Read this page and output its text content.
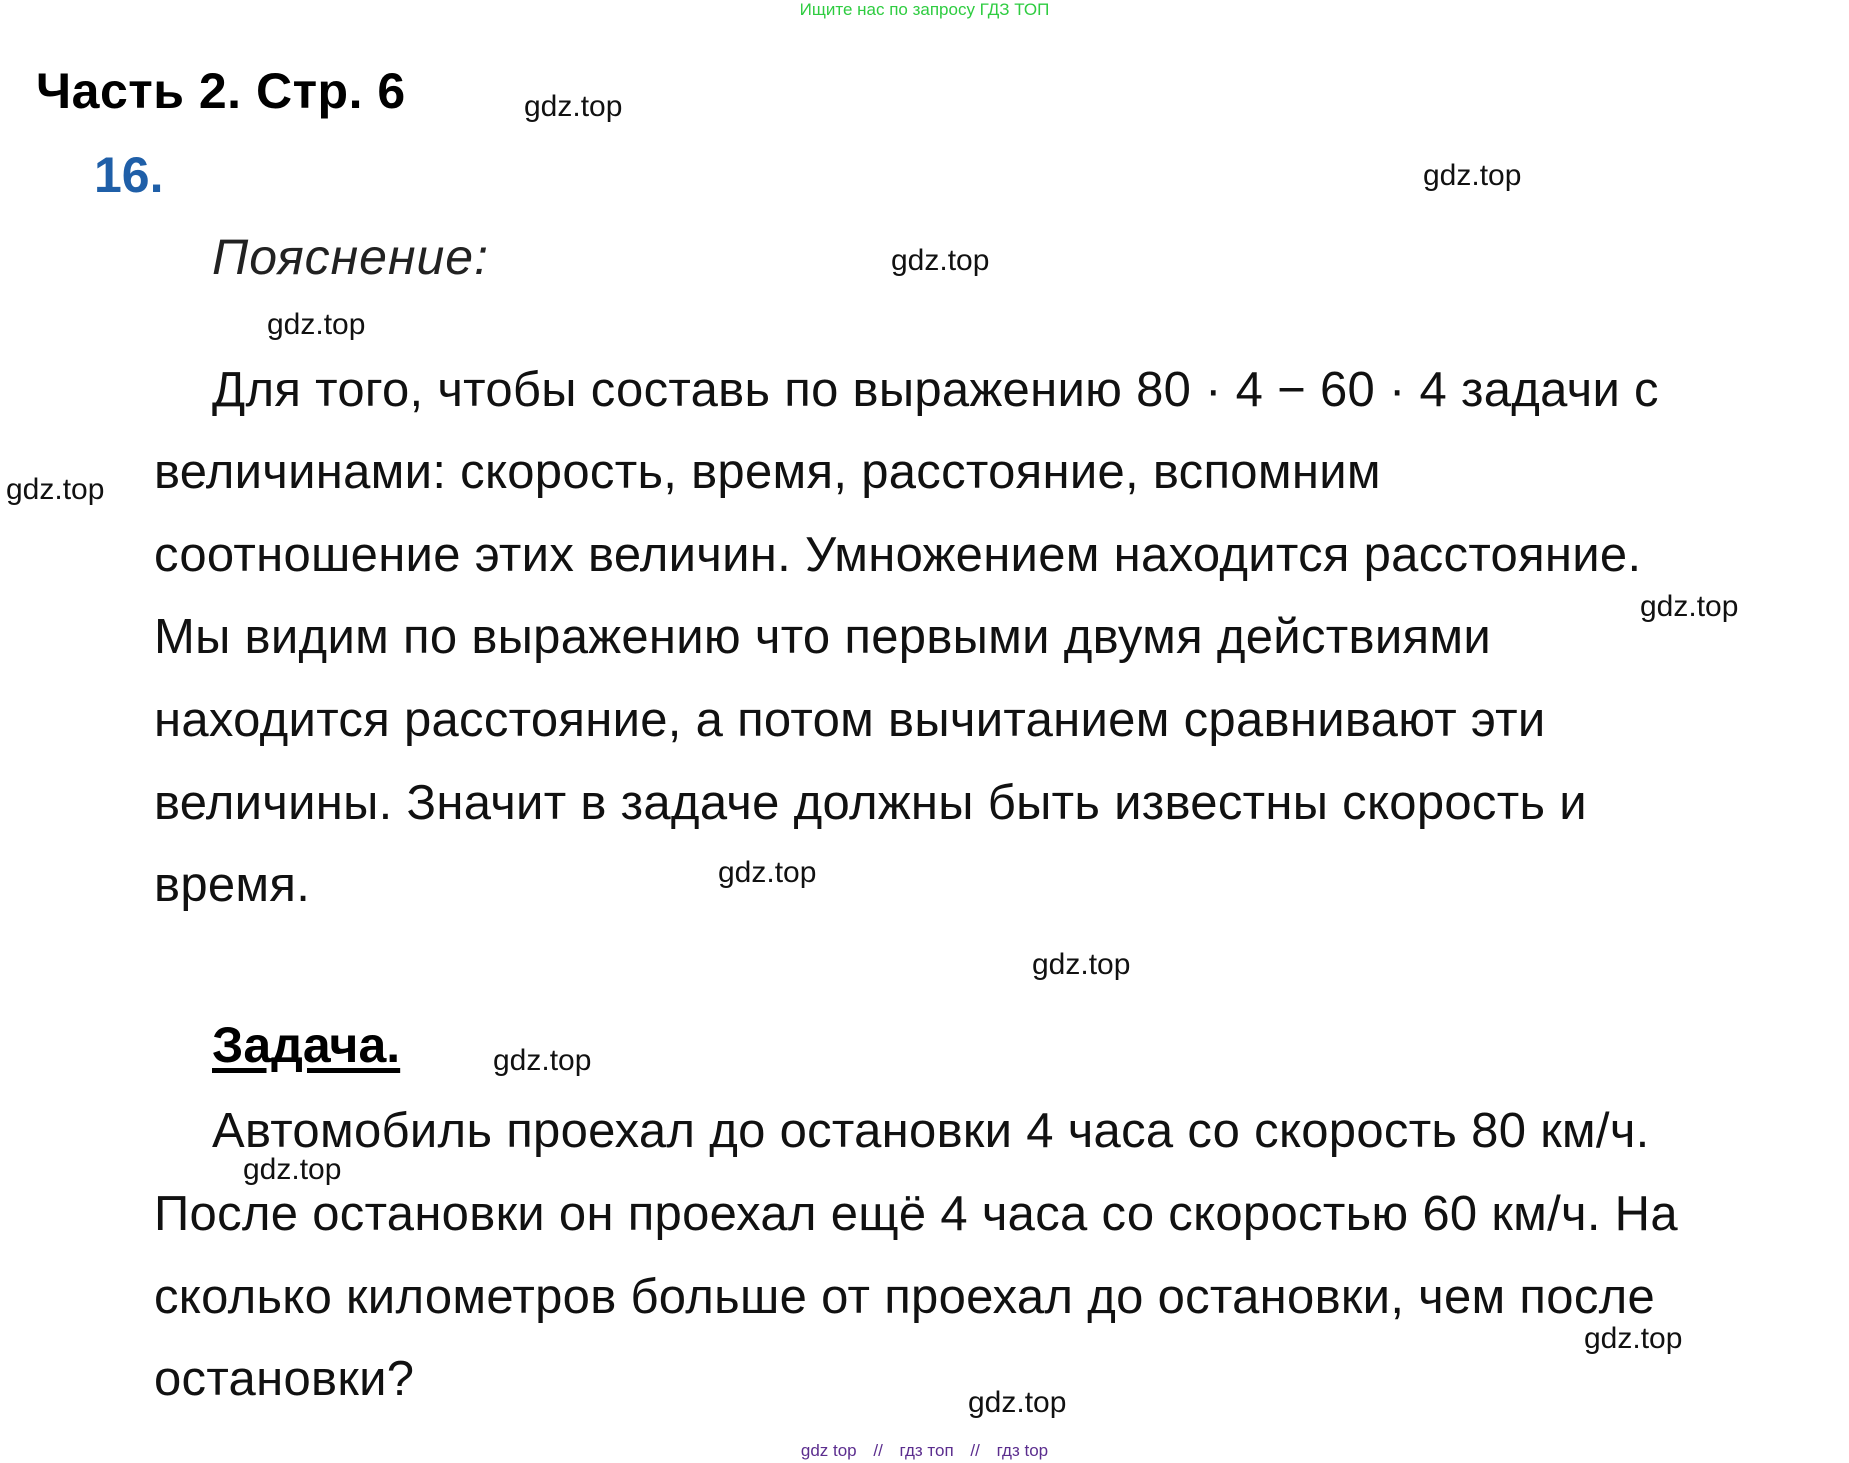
Ищите нас по запросу ГДЗ ТОП
Часть 2. Стр. 6
16.
Пояснение:
Для того, чтобы составь по выражению 80 · 4 − 60 · 4 задачи с
величинами: скорость, время, расстояние, вспомним
соотношение этих величин. Умножением находится расстояние.
Мы видим по выражению что первыми двумя действиями
находится расстояние, а потом вычитанием сравнивают эти
величины. Значит в задаче должны быть известны скорость и
время.
Задача.
Автомобиль проехал до остановки 4 часа со скорость 80 км/ч.
После остановки он проехал ещё 4 часа со скоростью 60 км/ч. На
сколько километров больше от проехал до остановки, чем после
остановки?
gdz.top
gdz.top
gdz.top
gdz.top
gdz.top
gdz.top
gdz.top
gdz.top
gdz.top
gdz.top
gdz.top
gdz.top
gdz top // гдз топ // гдз top
